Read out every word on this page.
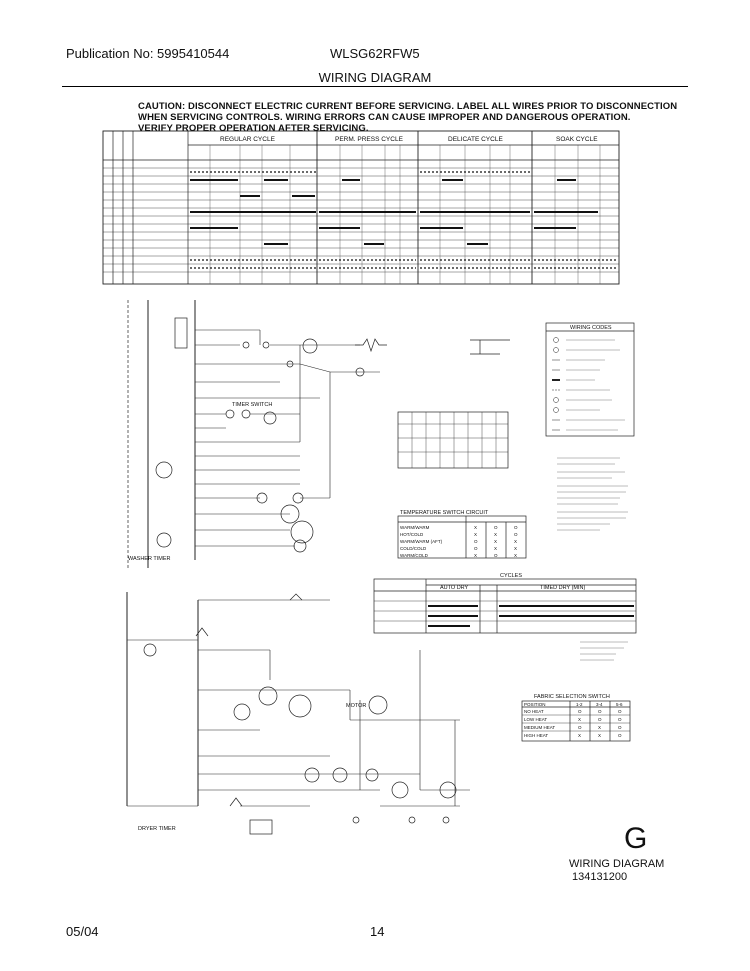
Publication No: 5995410544	WLSG62RFW5
WIRING DIAGRAM
CAUTION: DISCONNECT ELECTRIC CURRENT BEFORE SERVICING. LABEL ALL WIRES PRIOR TO DISCONNECTION
WHEN SERVICING CONTROLS. WIRING ERRORS CAN CAUSE IMPROPER AND DANGEROUS OPERATION.
VERIFY PROPER OPERATION AFTER SERVICING.
REGULAR CYCLE	PERM. PRESS CYCLE	DELICATE CYCLE	SOAK CYCLE
WASHER TIMER
DRYER TIMER
MOTOR
TIMER SWITCH
TEMPERATURE SWITCH CIRCUIT
FABRIC SELECTION SWITCH
CYCLES
AUTO DRY	TIMED DRY (MIN)
WIRING CODES
WARM/WARM	X	O	O
HOT/COLD	X	X	O
WARM/WARM (AFT)	O	X	X
COLD/COLD	O	X	X
WARM/COLD	X	O	X
POSITION	1-2	3-4	5-6
NO HEAT	O	O	O
LOW HEAT	X	O	O
MEDIUM HEAT	O	X	O
HIGH HEAT	X	X	O
G
WIRING DIAGRAM
134131200
05/04	14
